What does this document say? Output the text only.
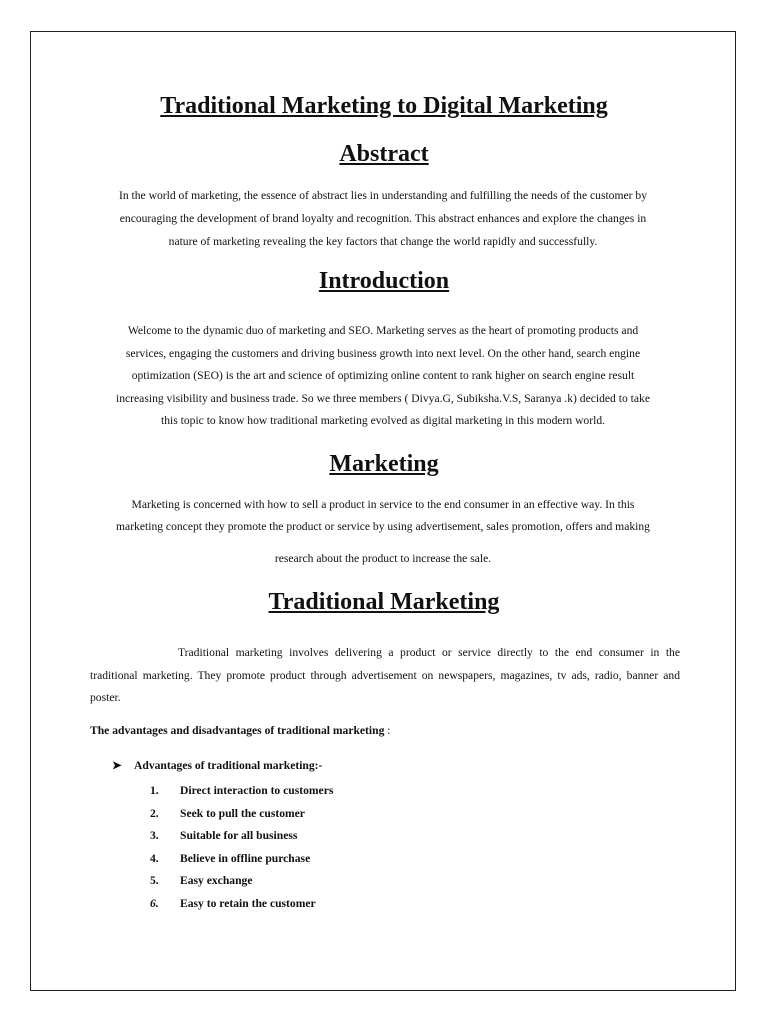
Traditional Marketing to Digital Marketing
Abstract

In the world of marketing, the essence of abstract lies in understanding and fulfilling the needs of the customer by
encouraging the development of brand loyalty and recognition. This abstract enhances and explore the changes in
nature of marketing revealing the key factors that change the world rapidly and successfully.

Introduction

Welcome to the dynamic duo of marketing and SEO. Marketing serves as the heart of promoting products and
services, engaging the customers and driving business growth into next level. On the other hand, search engine
optimization (SEO) is the art and science of optimizing online content to rank higher on search engine result
increasing visibility and business trade. So we three members ( Divya.G, Subiksha.V.S, Saranya .k) decided to take
this topic to know how traditional marketing evolved as digital marketing in this modern world.

Marketing

Marketing is concerned with how to sell a product in service to the end consumer in an effective way. In this
marketing concept they promote the product or service by using advertisement, sales promotion, offers and making
research about the product to increase the sale.

Traditional Marketing

Traditional marketing involves delivering a product or service directly to the end consumer in the traditional marketing. They promote product through advertisement on newspapers, magazines, tv ads, radio, banner and poster.

The advantages and disadvantages of traditional marketing :

➤ Advantages of traditional marketing:-

1. Direct interaction to customers
2. Seek to pull the customer
3. Suitable for all business
4. Believe in offline purchase
5. Easy exchange
6. Easy to retain the customer
